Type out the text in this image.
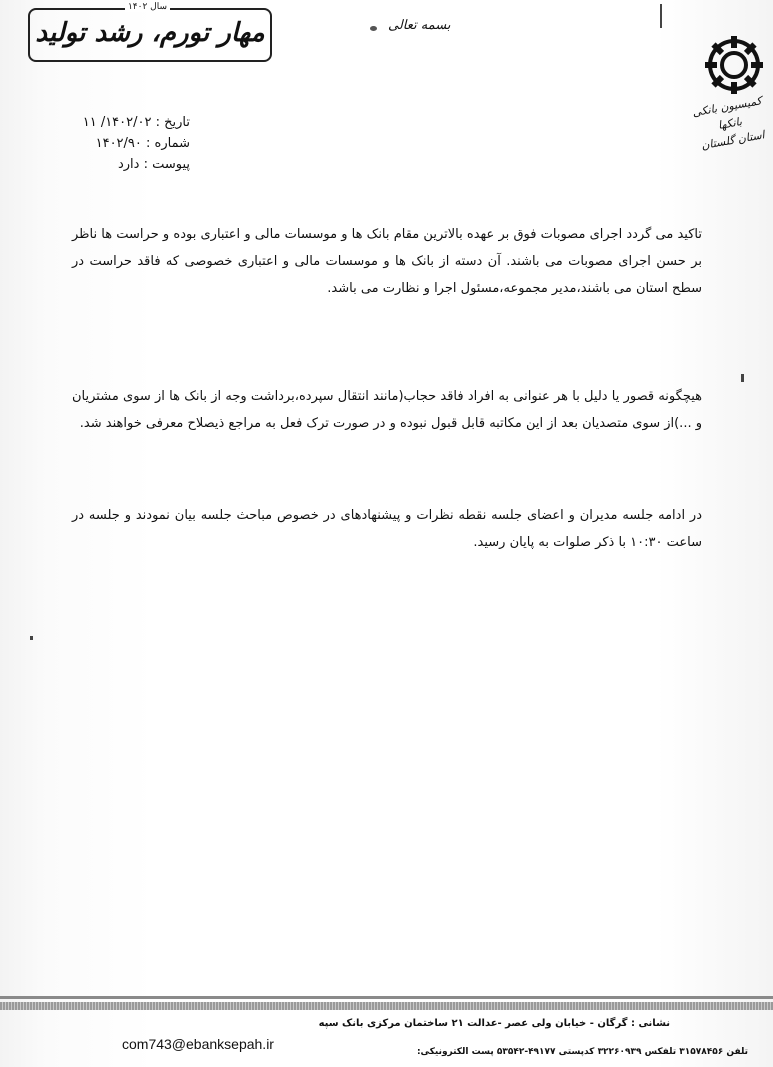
سال ۱۴۰۲
مهار تورم، رشد تولید	بسمه تعالی
کمیسیون بانکی بانکها
استان گلستان
تاریخ : ۱۴۰۲/۰۲/ ۱۱
شماره : ۱۴۰۲/۹۰
پیوست : دارد
تاکید می گردد اجرای مصوبات فوق بر عهده بالاترین مقام بانک ها و موسسات مالی و اعتباری بوده و حراست ها ناظر بر حسن اجرای مصوبات می باشند. آن دسته از بانک ها و موسسات مالی و اعتباری خصوصی که فاقد حراست در سطح استان می باشند،مدیر مجموعه،مسئول اجرا و نظارت می باشد.
هیچگونه قصور یا دلیل با هر عنوانی به افراد فاقد حجاب(مانند انتقال سپرده،برداشت وجه از بانک ها از سوی مشتریان و ...)از سوی متصدیان بعد از این مکاتبه قابل قبول نبوده و در صورت ترک فعل به مراجع ذیصلاح معرفی خواهند شد.
در ادامه جلسه مدیران و اعضای جلسه نقطه نظرات و پیشنهادهای در خصوص مباحث جلسه بیان نمودند و جلسه در ساعت ۱۰:۳۰ با ذکر صلوات به پایان رسید.
نشانی : گرگان - خیابان ولی عصر -عدالت ۲۱ ساختمان مرکزی بانک سپه
com743@ebanksepah.ir	تلفن ۳۱۵۷۸۴۵۶ تلفکس ۳۲۲۶۰۹۳۹ کدپستی ۴۹۱۷۷-۵۳۵۴۲ پست الکترونیکی:
